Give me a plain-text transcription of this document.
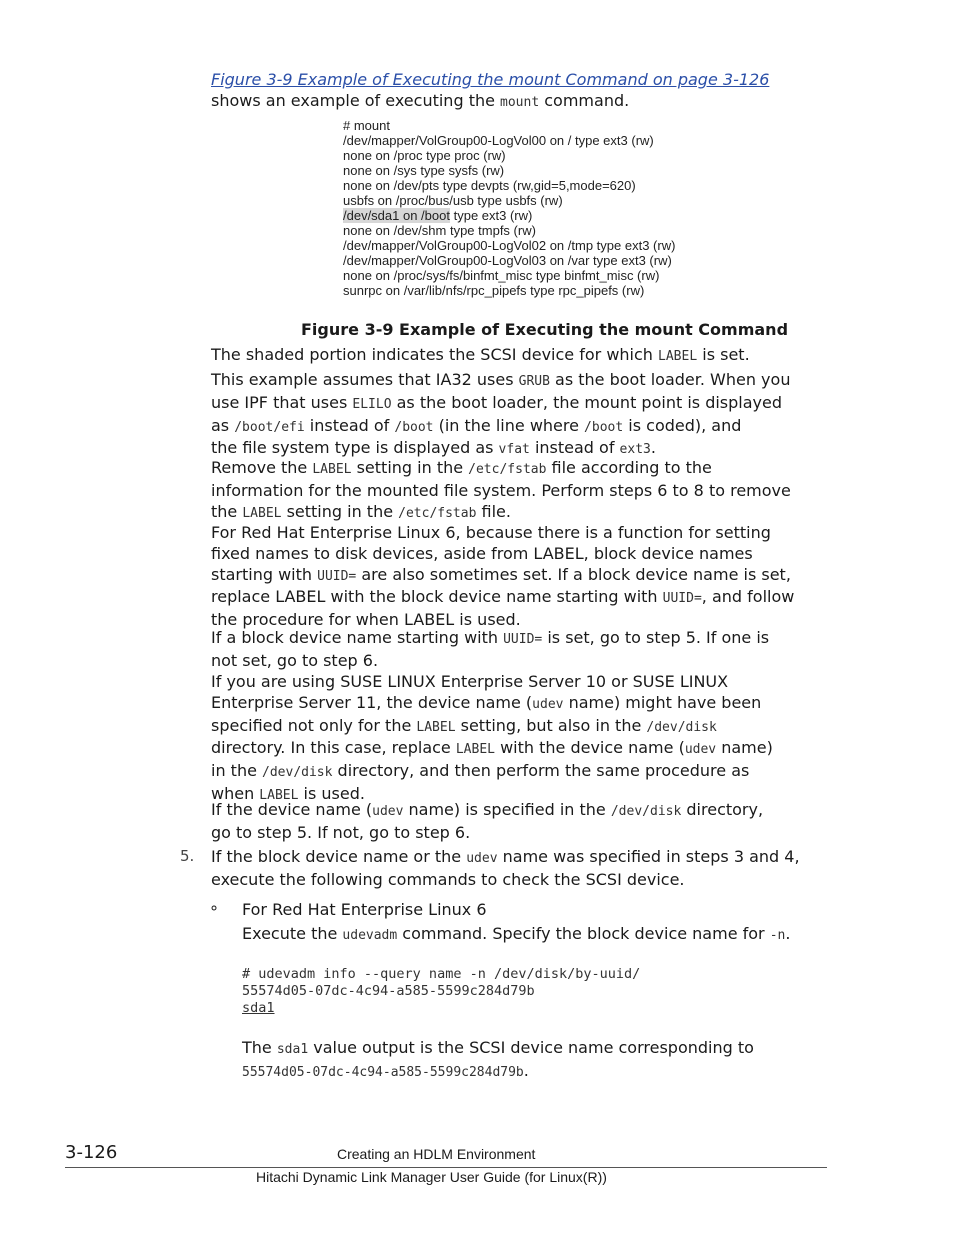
Figure 3-9 Example of Executing the mount Command on page 3-126
shows an example of executing the mount command.
# mount
/dev/mapper/VolGroup00-LogVol00 on / type ext3 (rw)
none on /proc type proc (rw)
none on /sys type sysfs (rw)
none on /dev/pts type devpts (rw,gid=5,mode=620)
usbfs on /proc/bus/usb type usbfs (rw)
/dev/sda1 on /boot type ext3 (rw)
none on /dev/shm type tmpfs (rw)
/dev/mapper/VolGroup00-LogVol02 on /tmp type ext3 (rw)
/dev/mapper/VolGroup00-LogVol03 on /var type ext3 (rw)
none on /proc/sys/fs/binfmt_misc type binfmt_misc (rw)
sunrpc on /var/lib/nfs/rpc_pipefs type rpc_pipefs (rw)
Figure 3-9 Example of Executing the mount Command
The shaded portion indicates the SCSI device for which LABEL is set.
This example assumes that IA32 uses GRUB as the boot loader. When you
use IPF that uses ELILO as the boot loader, the mount point is displayed
as /boot/efi instead of /boot (in the line where /boot is coded), and
the file system type is displayed as vfat instead of ext3.
Remove the LABEL setting in the /etc/fstab file according to the
information for the mounted file system. Perform steps 6 to 8 to remove
the LABEL setting in the /etc/fstab file.
For Red Hat Enterprise Linux 6, because there is a function for setting
fixed names to disk devices, aside from LABEL, block device names
starting with UUID= are also sometimes set. If a block device name is set,
replace LABEL with the block device name starting with UUID=, and follow
the procedure for when LABEL is used.
If a block device name starting with UUID= is set, go to step 5. If one is
not set, go to step 6.
If you are using SUSE LINUX Enterprise Server 10 or SUSE LINUX
Enterprise Server 11, the device name (udev name) might have been
specified not only for the LABEL setting, but also in the /dev/disk
directory. In this case, replace LABEL with the device name (udev name)
in the /dev/disk directory, and then perform the same procedure as
when LABEL is used.
If the device name (udev name) is specified in the /dev/disk directory,
go to step 5. If not, go to step 6.
5. If the block device name or the udev name was specified in steps 3 and 4,
execute the following commands to check the SCSI device.
∘ For Red Hat Enterprise Linux 6
Execute the udevadm command. Specify the block device name for -n.
# udevadm info --query name -n /dev/disk/by-uuid/
55574d05-07dc-4c94-a585-5599c284d79b
sda1
The sda1 value output is the SCSI device name corresponding to
55574d05-07dc-4c94-a585-5599c284d79b.
3-126	Creating an HDLM Environment
Hitachi Dynamic Link Manager User Guide (for Linux(R))
